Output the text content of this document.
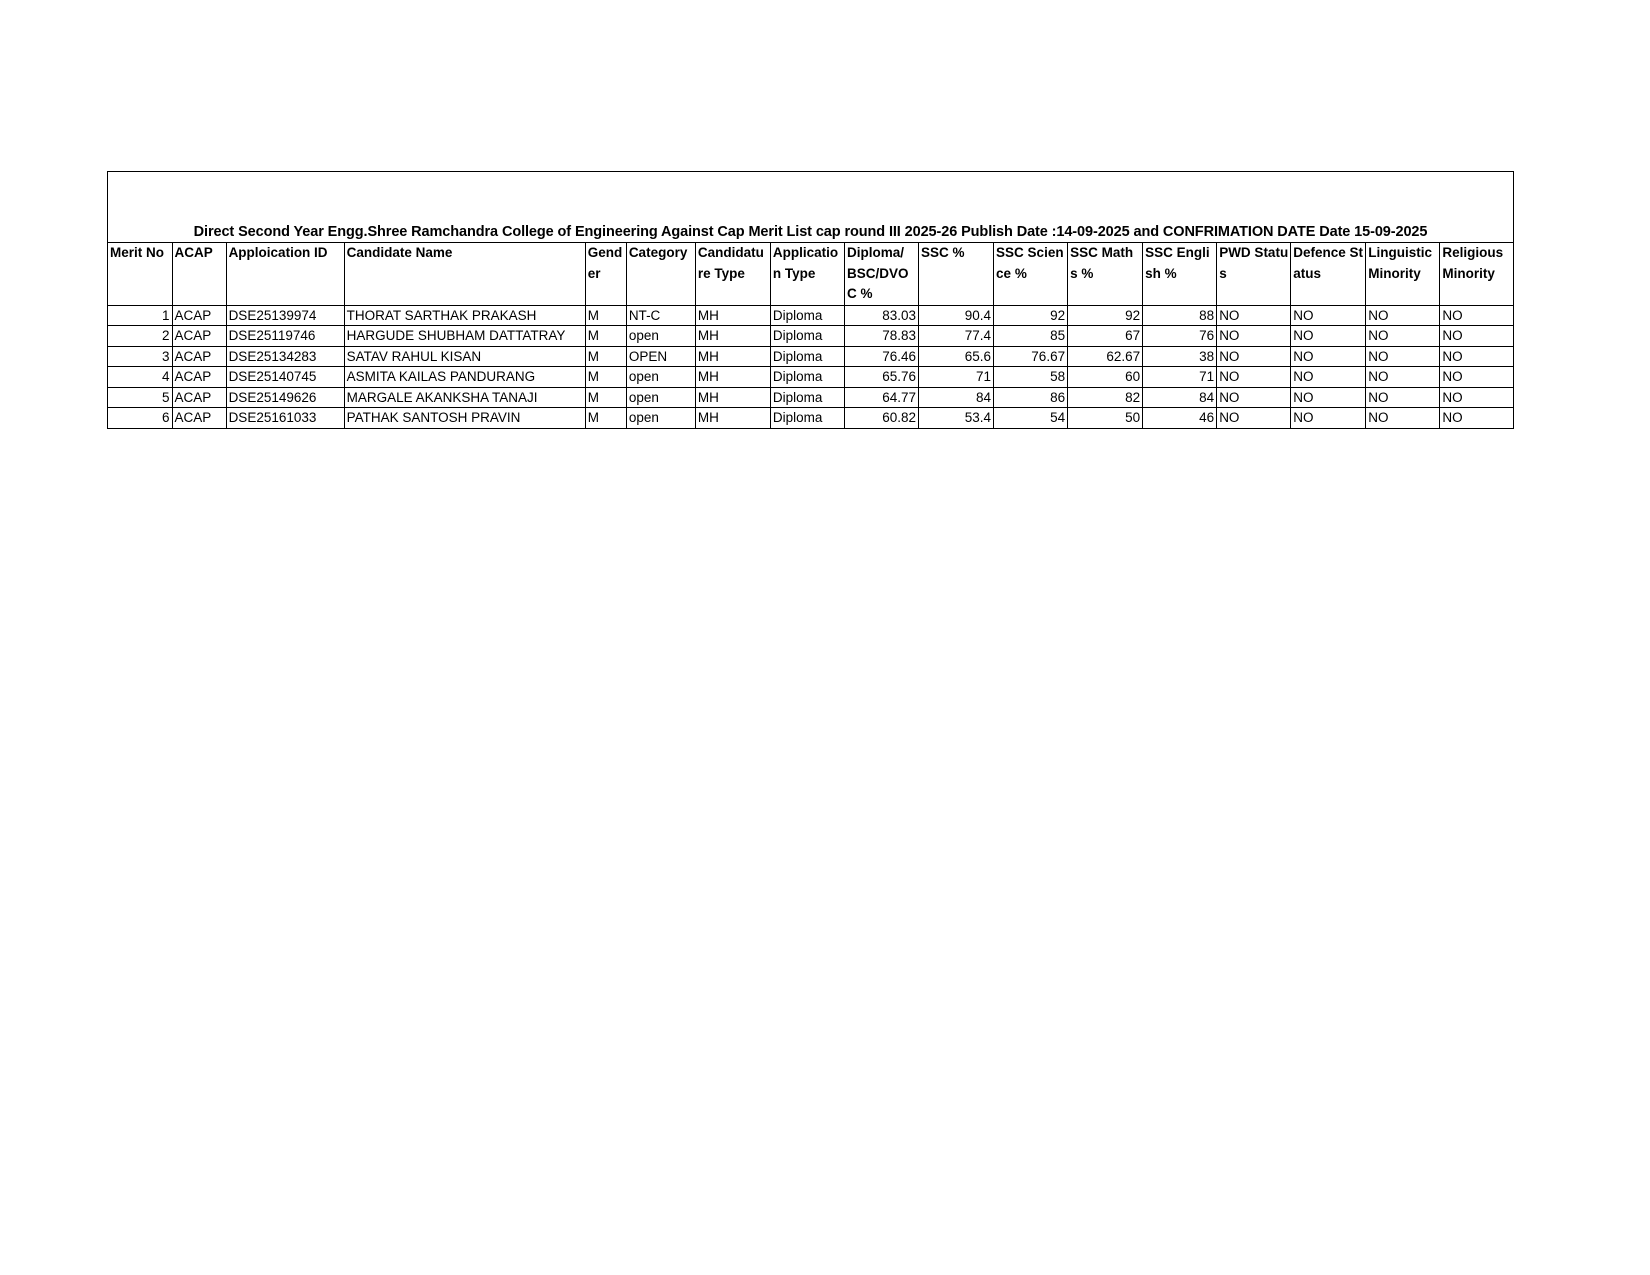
Direct Second Year Engg.Shree Ramchandra College of Engineering Against Cap Merit List cap round III 2025-26 Publish Date :14-09-2025 and CONFRIMATION DATE Date 15-09-2025
Merit No	ACAP	Apploication ID	Candidate Name	Gender	Category	Candidature Type	Application Type	Diploma/ BSC/DVOC %	SSC %	SSC Science %	SSC Maths %	SSC English %	PWD Status	Defence Status	Linguistic Minority	Religious Minority
1	ACAP	DSE25139974	THORAT SARTHAK PRAKASH	M	NT-C	MH	Diploma	83.03	90.4	92	92	88	NO	NO	NO	NO
2	ACAP	DSE25119746	HARGUDE SHUBHAM DATTATRAY	M	open	MH	Diploma	78.83	77.4	85	67	76	NO	NO	NO	NO
3	ACAP	DSE25134283	SATAV RAHUL KISAN	M	OPEN	MH	Diploma	76.46	65.6	76.67	62.67	38	NO	NO	NO	NO
4	ACAP	DSE25140745	ASMITA KAILAS PANDURANG	M	open	MH	Diploma	65.76	71	58	60	71	NO	NO	NO	NO
5	ACAP	DSE25149626	MARGALE AKANKSHA TANAJI	M	open	MH	Diploma	64.77	84	86	82	84	NO	NO	NO	NO
6	ACAP	DSE25161033	PATHAK SANTOSH PRAVIN	M	open	MH	Diploma	60.82	53.4	54	50	46	NO	NO	NO	NO
